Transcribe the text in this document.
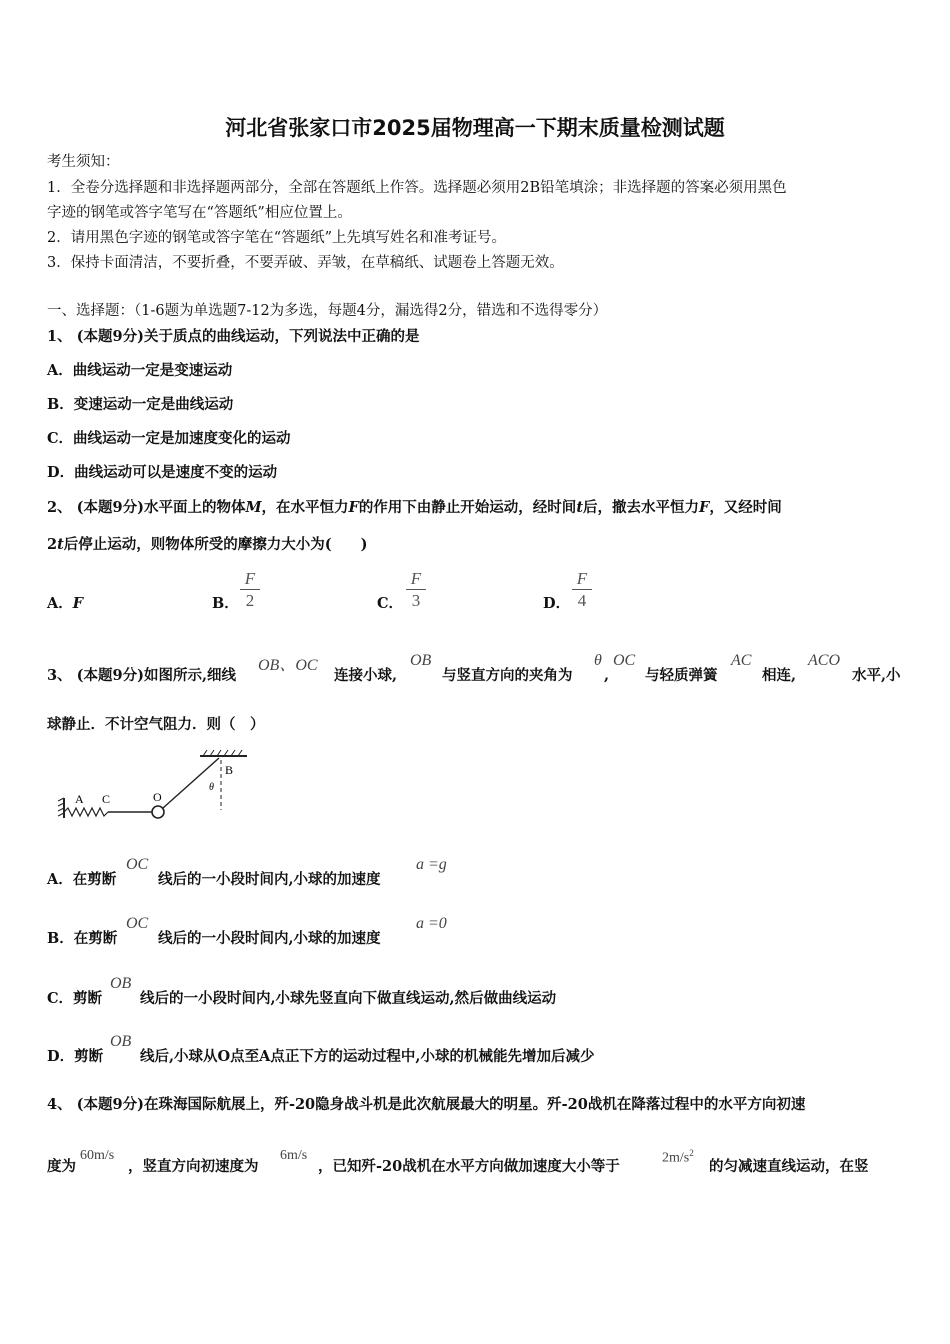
河北省张家口市2025届物理高一下期末质量检测试题
考生须知：
1．全卷分选择题和非选择题两部分，全部在答题纸上作答。选择题必须用2B铅笔填涂；非选择题的答案必须用黑色
字迹的钢笔或答字笔写在“答题纸”相应位置上。
2．请用黑色字迹的钢笔或答字笔在“答题纸”上先填写姓名和准考证号。
3．保持卡面清洁，不要折叠，不要弄破、弄皱，在草稿纸、试题卷上答题无效。
一、选择题：（1-6题为单选题7-12为多选，每题4分，漏选得2分，错选和不选得零分）
1、 (本题9分)关于质点的曲线运动，下列说法中正确的是
A．曲线运动一定是变速运动
B．变速运动一定是曲线运动
C．曲线运动一定是加速度变化的运动
D．曲线运动可以是速度不变的运动
2、 (本题9分)水平面上的物体M，在水平恒力F的作用下由静止开始运动，经时间t后，撤去水平恒力F，又经时间
2t后停止运动，则物体所受的摩擦力大小为(　　)
A．F	B．
F
2	C．
F
3	D．
F
4
3、 (本题9分)如图所示,细线
OB、OC
连接小球,
OB
与竖直方向的夹角为
θ
,
OC
与轻质弹簧
AC
相连,
ACO
水平,小
球静止．不计空气阻力．则（　）
A C	O
B
θ
A．在剪断
OC
线后的一小段时间内,小球的加速度
a =g
B．在剪断
OC
线后的一小段时间内,小球的加速度
a =0
C．剪断
OB
线后的一小段时间内,小球先竖直向下做直线运动,然后做曲线运动
D．剪断
OB
线后,小球从O点至A点正下方的运动过程中,小球的机械能先增加后减少
4、 (本题9分)在珠海国际航展上，歼-20隐身战斗机是此次航展最大的明星。歼-20战机在降落过程中的水平方向初速
度为
60m/s
，竖直方向初速度为
6m/s
，已知歼-20战机在水平方向做加速度大小等于	$2m/s^2$
的匀减速直线运动，在竖
